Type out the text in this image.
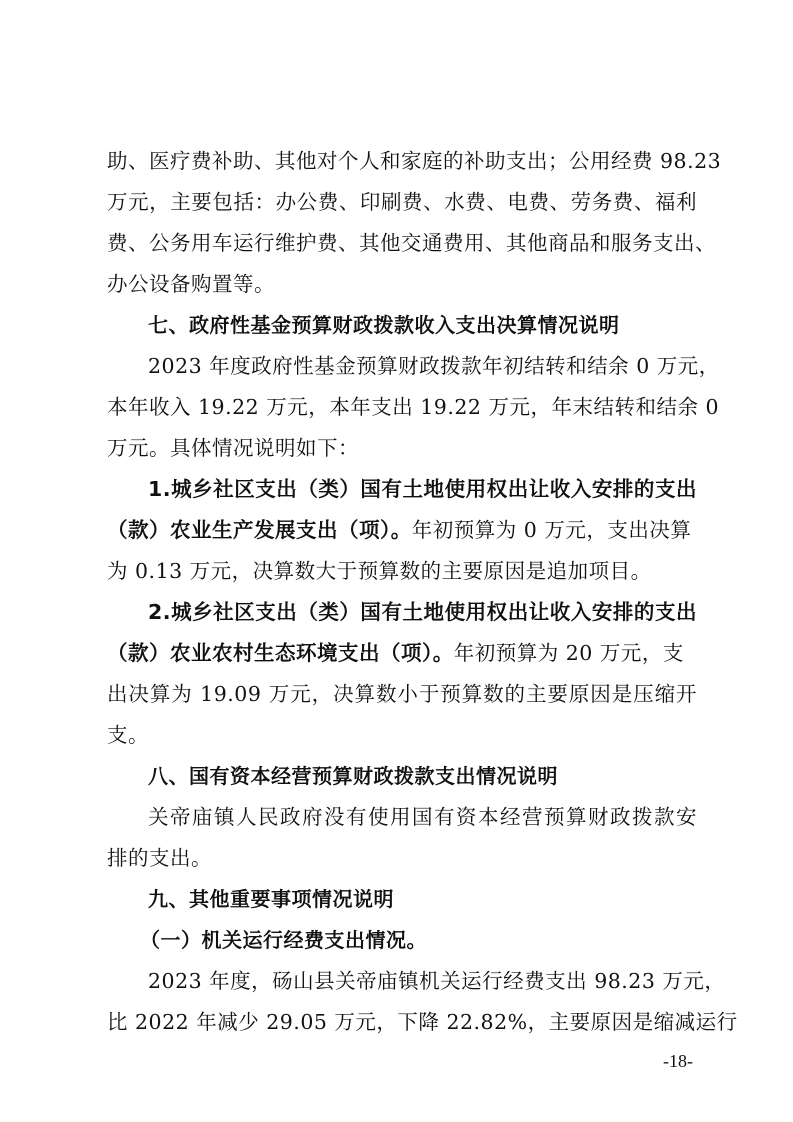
助、医疗费补助、其他对个人和家庭的补助支出；公用经费 98.23
万元，主要包括：办公费、印刷费、水费、电费、劳务费、福利
费、公务用车运行维护费、其他交通费用、其他商品和服务支出、
办公设备购置等。
七、政府性基金预算财政拨款收入支出决算情况说明
2023 年度政府性基金预算财政拨款年初结转和结余 0 万元，
本年收入 19.22 万元，本年支出 19.22 万元，年末结转和结余 0
万元。具体情况说明如下：
1.城乡社区支出（类）国有土地使用权出让收入安排的支出
（款）农业生产发展支出（项）。年初预算为 0 万元，支出决算
为 0.13 万元，决算数大于预算数的主要原因是追加项目。
2.城乡社区支出（类）国有土地使用权出让收入安排的支出
（款）农业农村生态环境支出（项）。年初预算为 20 万元，支
出决算为 19.09 万元，决算数小于预算数的主要原因是压缩开
支。
八、国有资本经营预算财政拨款支出情况说明
关帝庙镇人民政府没有使用国有资本经营预算财政拨款安
排的支出。
九、其他重要事项情况说明
（一）机关运行经费支出情况。
2023 年度，砀山县关帝庙镇机关运行经费支出 98.23 万元，
比 2022 年减少 29.05 万元，下降 22.82%，主要原因是缩减运行
-18-
